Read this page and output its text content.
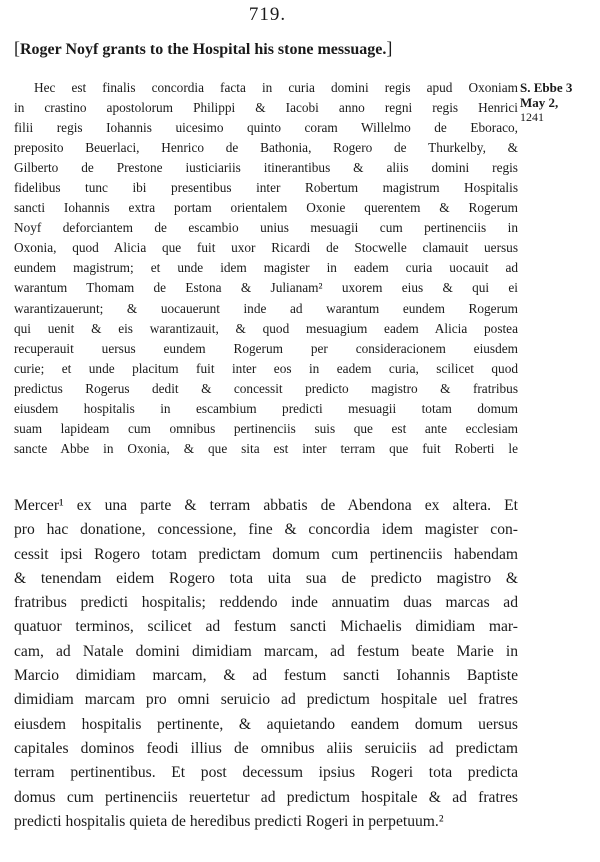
719.
[Roger Noyf grants to the Hospital his stone messuage.]
S. Ebbe 3
May 2,
1241
Hec est finalis concordia facta in curia domini regis apud Oxoniam
in crastino apostolorum Philippi & Iacobi anno regni regis Henrici
filii regis Iohannis uicesimo quinto coram Willelmo de Eboraco,
preposito Beuerlaci, Henrico de Bathonia, Rogero de Thurkelby, &
Gilberto de Prestone iusticiariis itinerantibus & aliis domini regis
fidelibus tunc ibi presentibus inter Robertum magistrum Hospitalis
sancti Iohannis extra portam orientalem Oxonie querentem & Rogerum
Noyf deforciantem de escambio unius mesuagii cum pertinenciis in
Oxonia, quod Alicia que fuit uxor Ricardi de Stocwelle clamauit uersus
eundem magistrum; et unde idem magister in eadem curia uocauit ad
warantum Thomam de Estona & Julianam² uxorem eius & qui ei
warantizauerunt; & uocauerunt inde ad warantum eundem Rogerum
qui uenit & eis warantizauit, & quod mesuagium eadem Alicia postea
recuperauit uersus eundem Rogerum per consideracionem eiusdem
curie; et unde placitum fuit inter eos in eadem curia, scilicet quod
predictus Rogerus dedit & concessit predicto magistro & fratribus
eiusdem hospitalis in escambium predicti mesuagii totam domum
suam lapideam cum omnibus pertinenciis suis que est ante ecclesiam
sancte Abbe in Oxonia, & que sita est inter terram que fuit Roberti le
Mercer¹ ex una parte & terram abbatis de Abendona ex altera. Et
pro hac donatione, concessione, fine & concordia idem magister con-
cessit ipsi Rogero totam predictam domum cum pertinenciis habendam
& tenendam eidem Rogero tota uita sua de predicto magistro &
fratribus predicti hospitalis; reddendo inde annuatim duas marcas ad
quatuor terminos, scilicet ad festum sancti Michaelis dimidiam mar-
cam, ad Natale domini dimidiam marcam, ad festum beate Marie in
Marcio dimidiam marcam, & ad festum sancti Iohannis Baptiste
dimidiam marcam pro omni seruicio ad predictum hospitale uel fratres
eiusdem hospitalis pertinente, & aquietando eandem domum uersus
capitales dominos feodi illius de omnibus aliis seruiciis ad predictam
terram pertinentibus. Et post decessum ipsius Rogeri tota predicta
domus cum pertinenciis reuertetur ad predictum hospitale & ad fratres
predicti hospitalis quieta de heredibus predicti Rogeri in perpetuum.²
